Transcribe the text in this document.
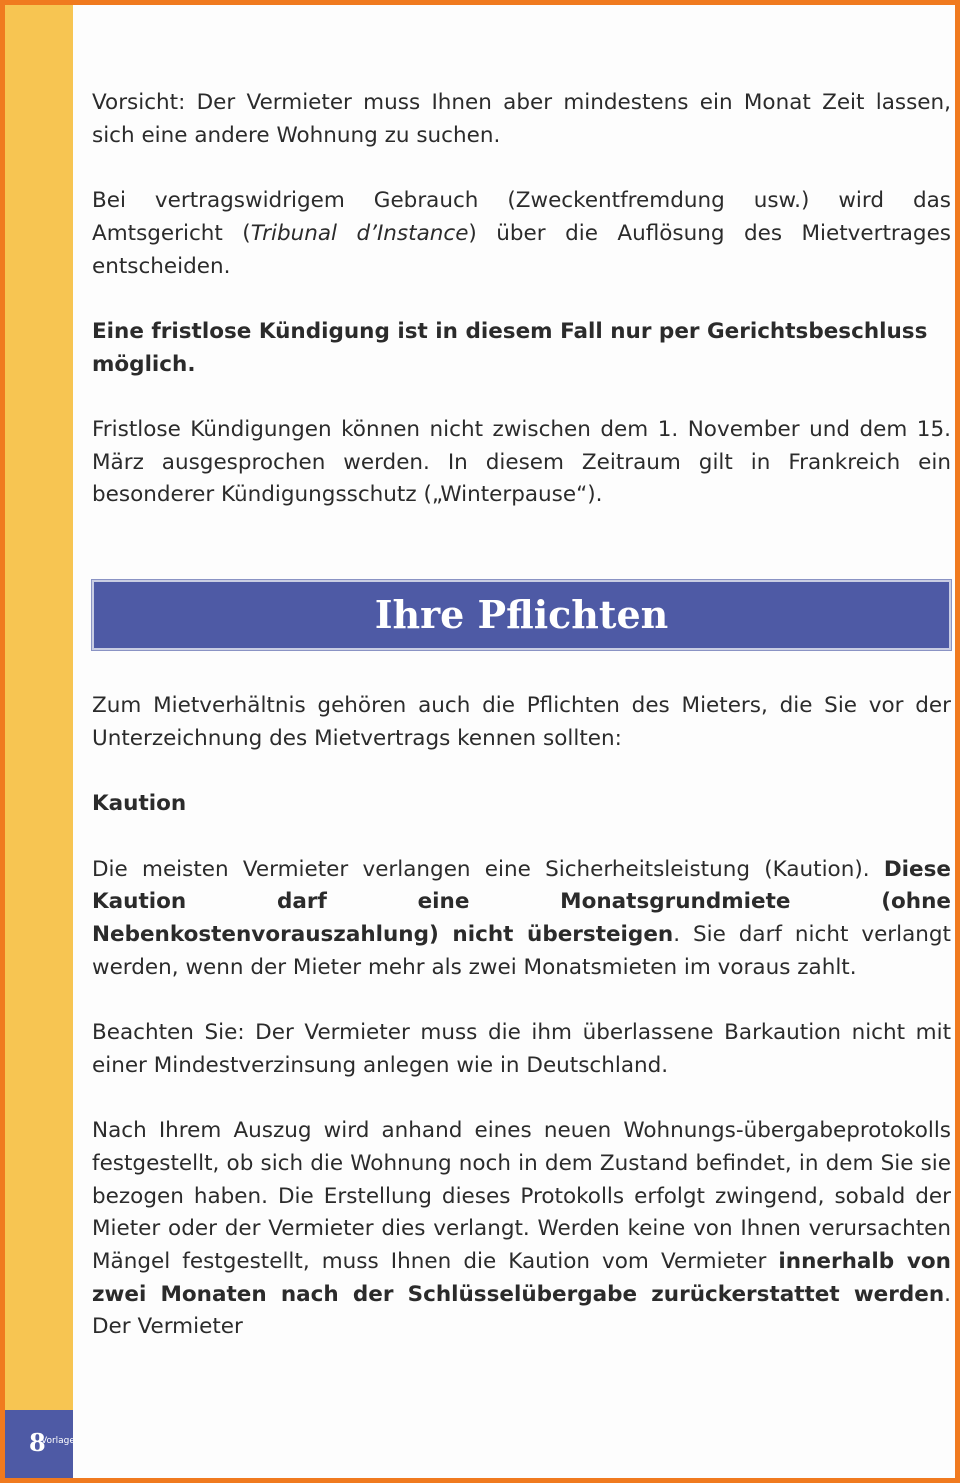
8
Vorlage

Vorsicht: Der Vermieter muss Ihnen aber mindestens ein Monat Zeit lassen, sich eine andere Wohnung zu suchen.

Bei vertragswidrigem Gebrauch (Zweckentfremdung usw.) wird das Amtsgericht (Tribunal d’Instance) über die Auflösung des Mietvertrages entscheiden.

Eine fristlose Kündigung ist in diesem Fall nur per Gerichtsbeschluss möglich.

Fristlose Kündigungen können nicht zwischen dem 1. November und dem 15. März ausgesprochen werden. In diesem Zeitraum gilt in Frankreich ein besonderer Kündigungsschutz („Winterpause“).

Ihre Pflichten

Zum Mietverhältnis gehören auch die Pflichten des Mieters, die Sie vor der Unterzeichnung des Mietvertrags kennen sollten:

Kaution

Die meisten Vermieter verlangen eine Sicherheitsleistung (Kaution). Diese Kaution darf eine Monatsgrundmiete (ohne Nebenkostenvorauszahlung) nicht übersteigen. Sie darf nicht verlangt werden, wenn der Mieter mehr als zwei Monatsmieten im voraus zahlt.

Beachten Sie: Der Vermieter muss die ihm überlassene Barkaution nicht mit einer Mindestverzinsung anlegen wie in Deutschland.

Nach Ihrem Auszug wird anhand eines neuen Wohnungs-übergabeprotokolls festgestellt, ob sich die Wohnung noch in dem Zustand befindet, in dem Sie sie bezogen haben. Die Erstellung dieses Protokolls erfolgt zwingend, sobald der Mieter oder der Vermieter dies verlangt. Werden keine von Ihnen verursachten Mängel festgestellt, muss Ihnen die Kaution vom Vermieter innerhalb von zwei Monaten nach der Schlüsselübergabe zurückerstattet werden. Der Vermieter
